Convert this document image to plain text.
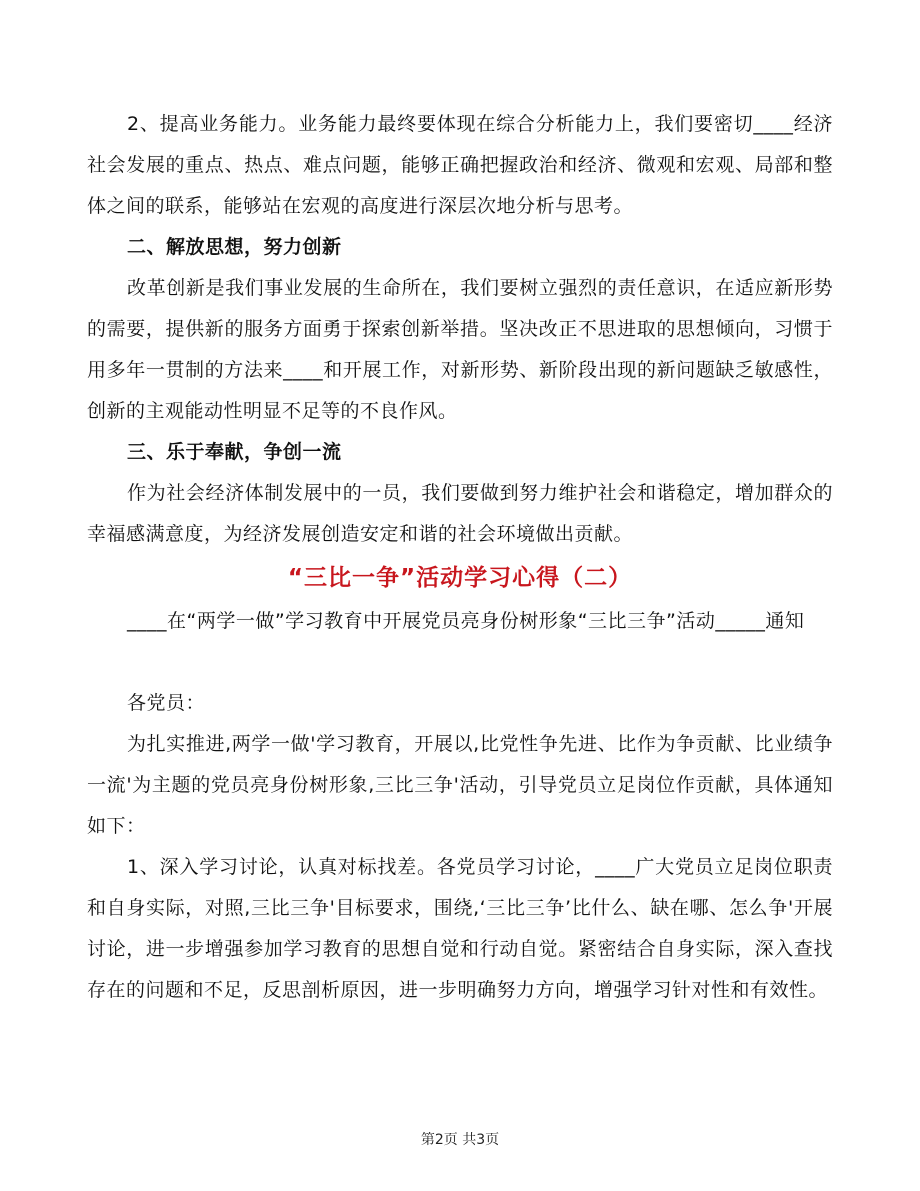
2、提高业务能力。业务能力最终要体现在综合分析能力上，我们要密切____经济社会发展的重点、热点、难点问题，能够正确把握政治和经济、微观和宏观、局部和整体之间的联系，能够站在宏观的高度进行深层次地分析与思考。
二、解放思想，努力创新
改革创新是我们事业发展的生命所在，我们要树立强烈的责任意识，在适应新形势的需要，提供新的服务方面勇于探索创新举措。坚决改正不思进取的思想倾向，习惯于用多年一贯制的方法来____和开展工作，对新形势、新阶段出现的新问题缺乏敏感性，创新的主观能动性明显不足等的不良作风。
三、乐于奉献，争创一流
作为社会经济体制发展中的一员，我们要做到努力维护社会和谐稳定，增加群众的幸福感满意度，为经济发展创造安定和谐的社会环境做出贡献。
“三比一争”活动学习心得（二）
____在“两学一做”学习教育中开展党员亮身份树形象“三比三争”活动_____通知
各党员：
为扎实推进,两学一做'学习教育，开展以,比党性争先进、比作为争贡献、比业绩争一流'为主题的党员亮身份树形象,三比三争'活动，引导党员立足岗位作贡献，具体通知如下：
1、深入学习讨论，认真对标找差。各党员学习讨论，____广大党员立足岗位职责和自身实际，对照,三比三争'目标要求，围绕,‘三比三争’比什么、缺在哪、怎么争'开展讨论，进一步增强参加学习教育的思想自觉和行动自觉。紧密结合自身实际，深入查找存在的问题和不足，反思剖析原因，进一步明确努力方向，增强学习针对性和有效性。
第2页 共3页
